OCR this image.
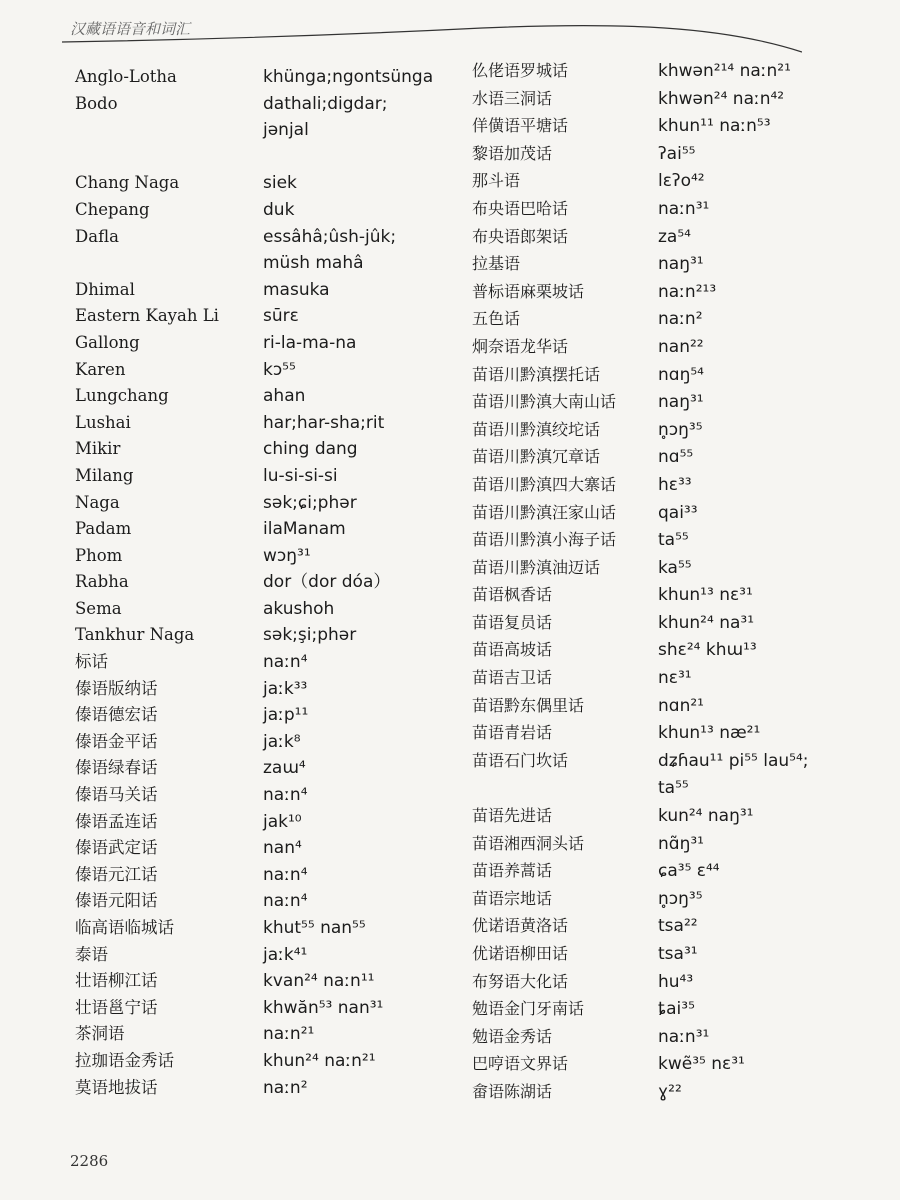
汉藏语语音和词汇
Anglo-Lotha	khünga;ngontsünga
Bodo	dathali;digdar;
jənjal
Chang Naga	siek
Chepang	duk
Dafla	essâhâ;ûsh-jûk;
müsh mahâ
Dhimal	masuka
Eastern Kayah Li	sūrɛ
Gallong	ri-la-ma-na
Karen	kɔ⁵⁵
Lungchang	ahan
Lushai	har;har-sha;rit
Mikir	ching dang
Milang	lu-si-si-si
Naga	sək;ɕi;phər
Padam	ilaManam
Phom	wɔŋ³¹
Rabha	dor（dor dóa）
Sema	akushoh
Tankhur Naga	sək;şi;phər
标话	naːn⁴
傣语版纳话	jaːk³³
傣语德宏话	jaːp¹¹
傣语金平话	jaːk⁸
傣语绿春话	zaɯ⁴
傣语马关话	naːn⁴
傣语孟连话	jak¹⁰
傣语武定话	nan⁴
傣语元江话	naːn⁴
傣语元阳话	naːn⁴
临高语临城话	khut⁵⁵ nan⁵⁵
泰语	jaːk⁴¹
壮语柳江话	kvan²⁴ naːn¹¹
壮语邕宁话	khwăn⁵³ nan³¹
茶洞语	naːn²¹
拉珈语金秀话	khun²⁴ naːn²¹
莫语地拔话	naːn²
仫佬语罗城话	khwən²¹⁴ naːn²¹
水语三洞话	khwən²⁴ naːn⁴²
佯僙语平塘话	khun¹¹ naːn⁵³
黎语加茂话	ʔai⁵⁵
那斗语	lɛʔo⁴²
布央语巴哈话	naːn³¹
布央语郎架话	za⁵⁴
拉基语	naŋ³¹
普标语麻栗坡话	naːn²¹³
五色话	naːn²
炯奈语龙华话	nan²²
苗语川黔滇摆托话	nɑŋ⁵⁴
苗语川黔滇大南山话 naŋ³¹
苗语川黔滇绞坨话	n̥ɔŋ³⁵
苗语川黔滇冗章话	nɑ⁵⁵
苗语川黔滇四大寨话 hɛ³³
苗语川黔滇汪家山话 qai³³
苗语川黔滇小海子话 ta⁵⁵
苗语川黔滇油迈话	ka⁵⁵
苗语枫香话	khun¹³ nɛ³¹
苗语复员话	khun²⁴ na³¹
苗语高坡话	shɛ²⁴ khɯ¹³
苗语吉卫话	nɛ³¹
苗语黔东偶里话	nɑn²¹
苗语青岩话	khun¹³ næ²¹
苗语石门坎话	dʑɦau¹¹ pi⁵⁵ lau⁵⁴;
ta⁵⁵
苗语先进话	kun²⁴ naŋ³¹
苗语湘西洞头话	nɑ̃ŋ³¹
苗语养蒿话	ɕa³⁵ ɛ⁴⁴
苗语宗地话	n̥ɔŋ³⁵
优诺语黄洛话	tsa²²
优诺语柳田话	tsa³¹
布努语大化话	hu⁴³
勉语金门牙南话	ȶai³⁵
勉语金秀话	naːn³¹
巴哼语文界话	kwẽ³⁵ nɛ³¹
畲语陈湖话	ɣ²²
2286
